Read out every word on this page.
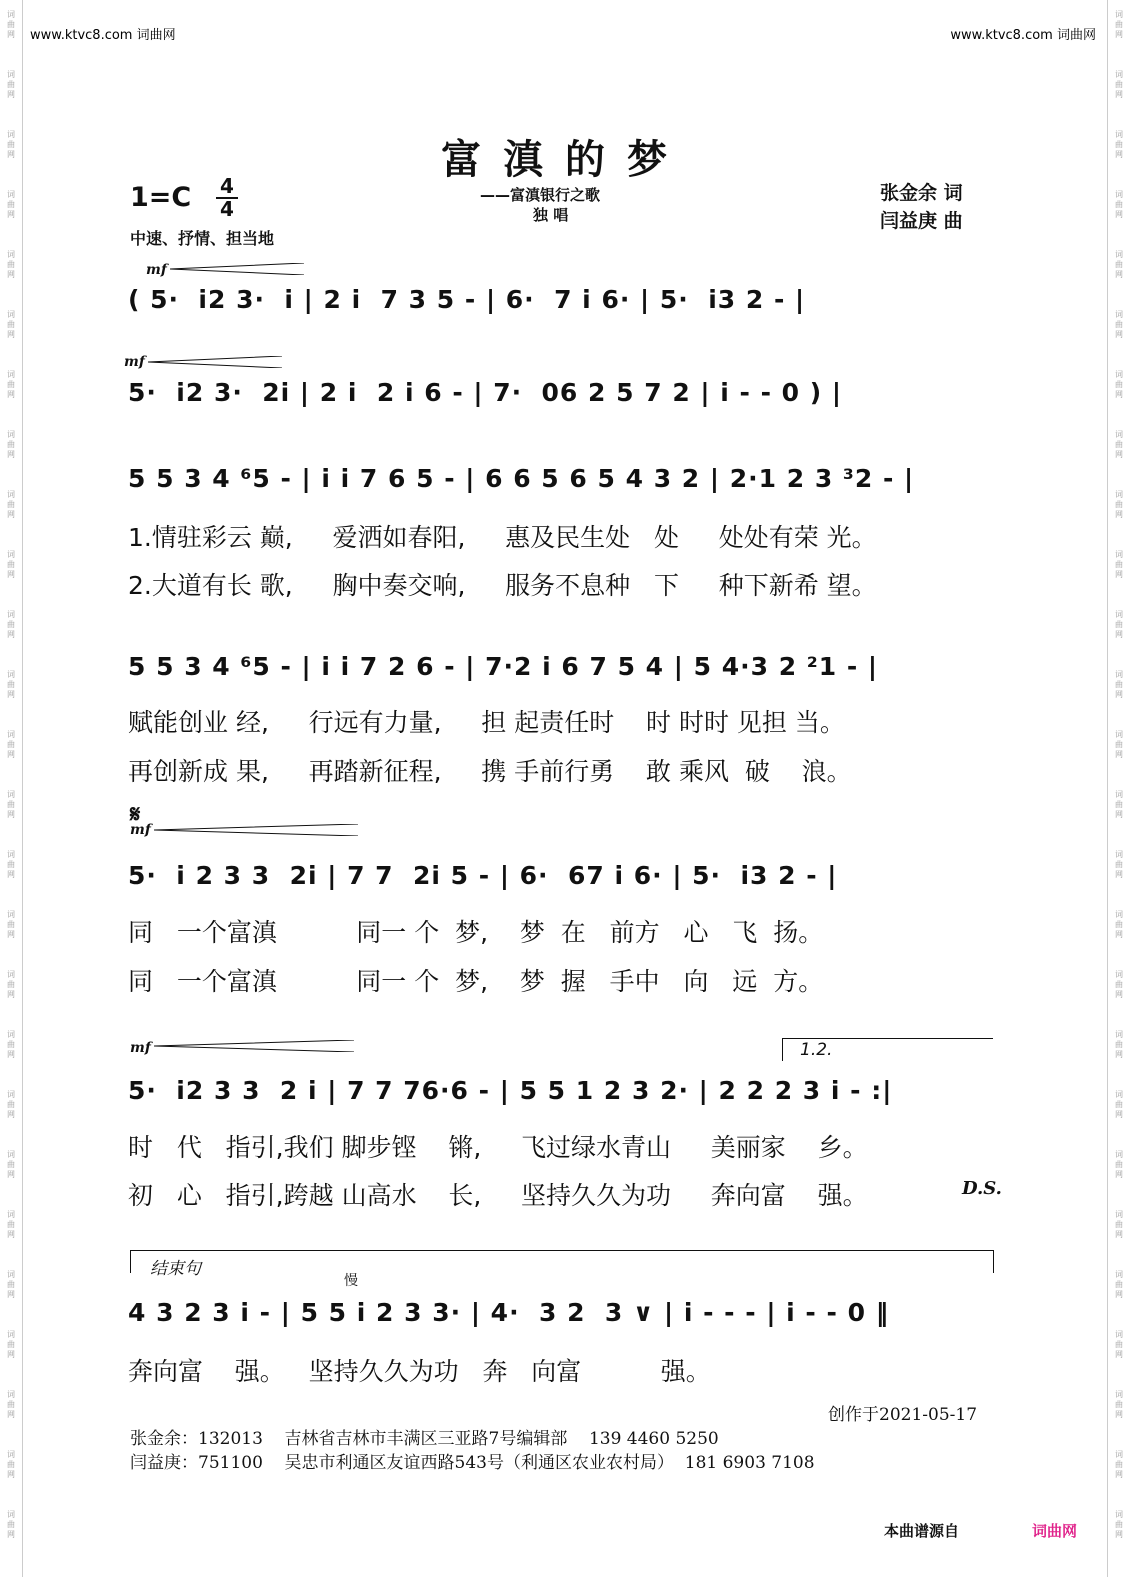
词
曲
网
词
曲
网
词
曲
网
词
曲
网
词
曲
网
词
曲
网
词
曲
网
词
曲
网
词
曲
网
词
曲
网
词
曲
网
词
曲
网
词
曲
网
词
曲
网
词
曲
网
词
曲
网
词
曲
网
词
曲
网
词
曲
网
词
曲
网
词
曲
网
词
曲
网
词
曲
网
词
曲
网
词
曲
网
词
曲
网
词
曲
网
词
曲
网
词
曲
网
词
曲
网
词
曲
网
词
曲
网
词
曲
网
词
曲
网
词
曲
网
词
曲
网
词
曲
网
词
曲
网
词
曲
网
词
曲
网
词
曲
网
词
曲
网
词
曲
网
词
曲
网
词
曲
网
词
曲
网
词
曲
网
词
曲
网
词
曲
网
词
曲
网
词
曲
网
词
曲
网
www.ktvc8.com 词曲网	www.ktvc8.com 词曲网
富滇的梦
1=C 4
4
中速、抒情、担当地
——富滇银行之歌
独 唱
张金余 词
闫益庚 曲
mf
mf
𝄋
mf
mf
( 5·  i2 3·  i | 2 i  7 3 5 - | 6·  7 i 6· | 5·  i3 2 - |
5·  i2 3·  2i | 2 i  2 i 6 - | 7·  06 2 5 7 2 | i - - 0 ) |
5 5 3 4 ⁶5 - | i i 7 6 5 - | 6 6 5 6 5 4 3 2 | 2·1 2 3 ³2 - |
1.情驻彩云 巅,     爱洒如春阳,     惠及民生处   处     处处有荣 光。
2.大道有长 歌,     胸中奏交响,     服务不息种   下     种下新希 望。
5 5 3 4 ⁶5 - | i i 7 2 6 - | 7·2 i 6 7 5 4 | 5 4·3 2 ²1 - |
赋能创业 经,     行远有力量,     担 起责任时    时 时时 见担 当。
再创新成 果,     再踏新征程,     携 手前行勇    敢 乘风  破    浪。
5·  i 2 3 3  2i | 7 7  2i 5 - | 6·  67 i 6· | 5·  i3 2 - |
同   一个富滇          同一 个  梦,    梦  在   前方   心   飞  扬。
同   一个富滇          同一 个  梦,    梦  握   手中   向   远  方。
1.2.
5·  i2 3 3  2 i | 7 7 76·6 - | 5 5 1 2 3 2· | 2 2 2 3 i - :|
时   代   指引,我们 脚步铿    锵,     飞过绿水青山     美丽家    乡。
初   心   指引,跨越 山高水    长,     坚持久久为功     奔向富    强。	D.S.
结束句
慢
4 3 2 3 i - | 5 5 i 2 3 3· | 4·  3 2  3 ∨ | i - - - | i - - 0 ‖
奔向富    强。   坚持久久为功   奔   向富          强。
创作于2021-05-17
张金余：132013    吉林省吉林市丰满区三亚路7号编辑部    139 4460 5250
闫益庚：751100    吴忠市利通区友谊西路543号（利通区农业农村局）  181 6903 7108
本曲谱源自	词曲网
